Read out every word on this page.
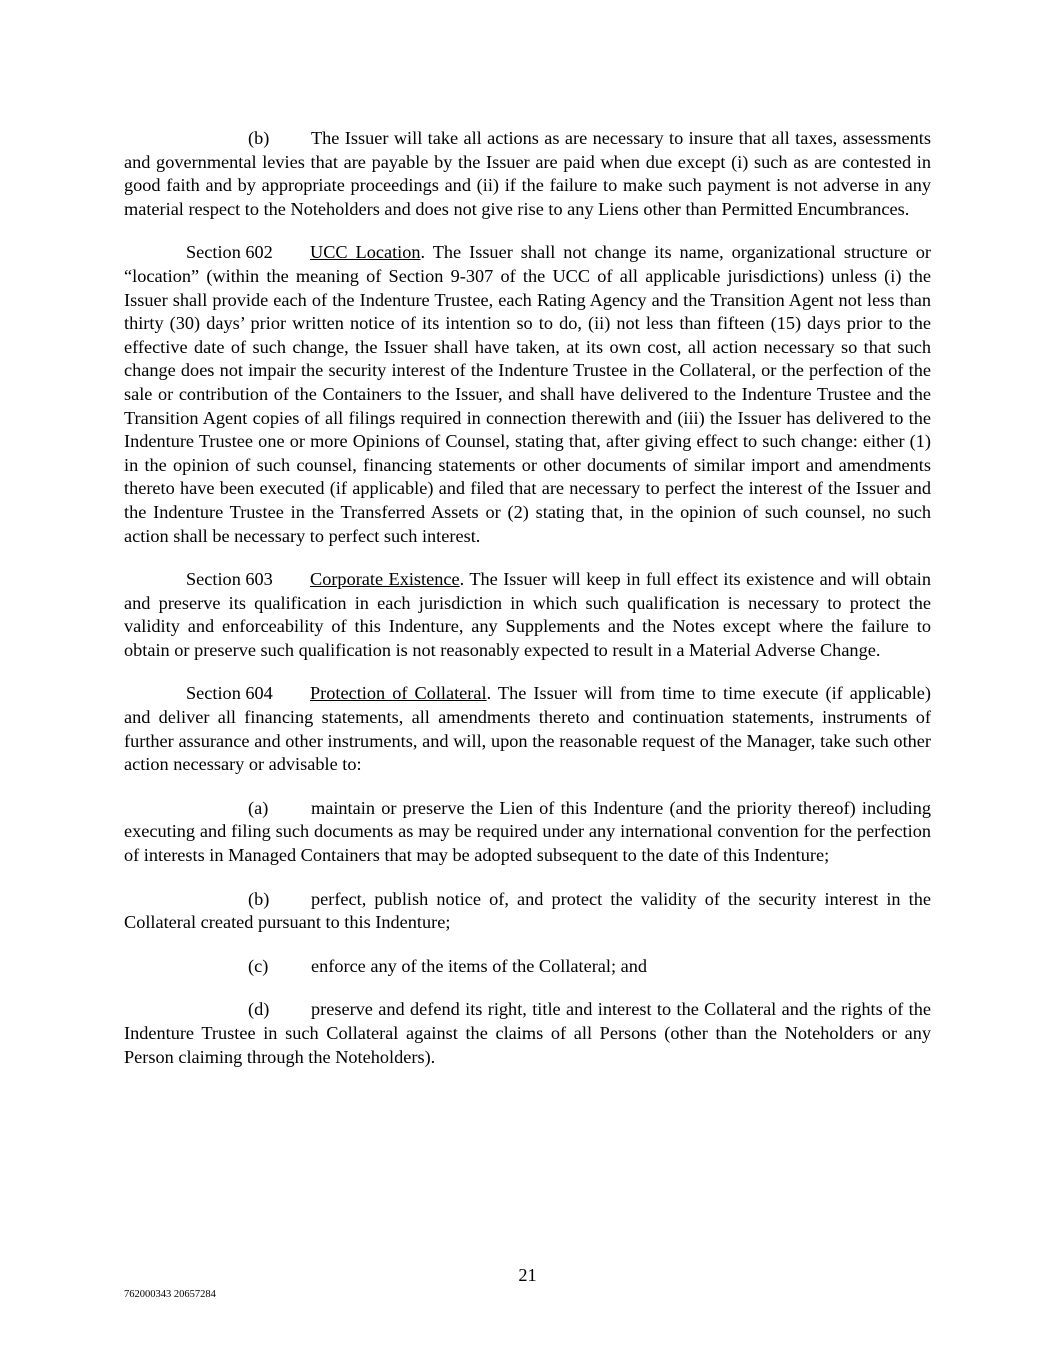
(b) The Issuer will take all actions as are necessary to insure that all taxes, assessments and governmental levies that are payable by the Issuer are paid when due except (i) such as are contested in good faith and by appropriate proceedings and (ii) if the failure to make such payment is not adverse in any material respect to the Noteholders and does not give rise to any Liens other than Permitted Encumbrances.

Section 602 UCC Location. The Issuer shall not change its name, organizational structure or “location” (within the meaning of Section 9-307 of the UCC of all applicable jurisdictions) unless (i) the Issuer shall provide each of the Indenture Trustee, each Rating Agency and the Transition Agent not less than thirty (30) days’ prior written notice of its intention so to do, (ii) not less than fifteen (15) days prior to the effective date of such change, the Issuer shall have taken, at its own cost, all action necessary so that such change does not impair the security interest of the Indenture Trustee in the Collateral, or the perfection of the sale or contribution of the Containers to the Issuer, and shall have delivered to the Indenture Trustee and the Transition Agent copies of all filings required in connection therewith and (iii) the Issuer has delivered to the Indenture Trustee one or more Opinions of Counsel, stating that, after giving effect to such change: either (1) in the opinion of such counsel, financing statements or other documents of similar import and amendments thereto have been executed (if applicable) and filed that are necessary to perfect the interest of the Issuer and the Indenture Trustee in the Transferred Assets or (2) stating that, in the opinion of such counsel, no such action shall be necessary to perfect such interest.

Section 603 Corporate Existence. The Issuer will keep in full effect its existence and will obtain and preserve its qualification in each jurisdiction in which such qualification is necessary to protect the validity and enforceability of this Indenture, any Supplements and the Notes except where the failure to obtain or preserve such qualification is not reasonably expected to result in a Material Adverse Change.

Section 604 Protection of Collateral. The Issuer will from time to time execute (if applicable) and deliver all financing statements, all amendments thereto and continuation statements, instruments of further assurance and other instruments, and will, upon the reasonable request of the Manager, take such other action necessary or advisable to:

(a) maintain or preserve the Lien of this Indenture (and the priority thereof) including executing and filing such documents as may be required under any international convention for the perfection of interests in Managed Containers that may be adopted subsequent to the date of this Indenture;

(b) perfect, publish notice of, and protect the validity of the security interest in the Collateral created pursuant to this Indenture;

(c) enforce any of the items of the Collateral; and

(d) preserve and defend its right, title and interest to the Collateral and the rights of the Indenture Trustee in such Collateral against the claims of all Persons (other than the Noteholders or any Person claiming through the Noteholders).

21
762000343 20657284
